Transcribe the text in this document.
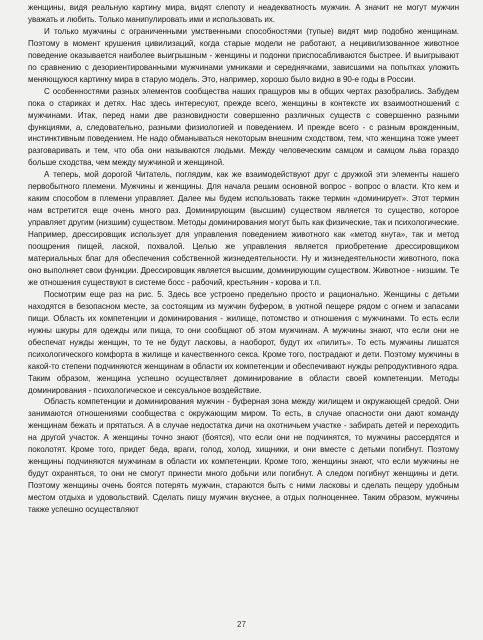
женщины, видя реальную картину мира, видят слепоту и неадекватность мужчин. А значит не могут мужчин уважать и любить. Только манипулировать ими и использовать их.

И только мужчины с ограниченными умственными способностями (тупые) видят мир подобно женщинам. Поэтому в момент крушения цивилизаций, когда старые модели не работают, а нецивилизованное животное поведение оказывается наиболее выигрышным - женщины и подонки приспосабливаются быстрее. И выигрывают по сравнению с дезориентированными мужчинами умниками и середнячками, зависшими на попытках уложить меняющуюся картинку мира в старую модель. Это, например, хорошо было видно в 90-е годы в России.

С особенностями разных элементов сообщества наших пращуров мы в общих чертах разобрались. Забудем пока о стариках и детях. Нас здесь интересуют, прежде всего, женщины в контексте их взаимоотношений с мужчинами. Итак, перед нами две разновидности совершенно различных существ с совершенно разными функциями, а, следовательно, разными физиологией и поведением. И прежде всего - с разным врожденным, инстинктивным поведением. Не надо обманываться некоторым внешним сходством, тем, что женщина тоже умеет разговаривать и тем, что оба они называются людьми. Между человеческим самцом и самцом льва гораздо больше сходства, чем между мужчиной и женщиной.

А теперь, мой дорогой Читатель, поглядим, как же взаимодействуют друг с дружкой эти элементы нашего первобытного племени. Мужчины и женщины. Для начала решим основной вопрос - вопрос о власти. Кто кем и каким способом в племени управляет. Далее мы будем использовать также термин «доминирует». Этот термин нам встретится еще очень много раз. Доминирующим (высшим) существом является то существо, которое управляет другим (низшим) существом. Методы доминирования могут быть как физические, так и психологические. Например, дрессировщик использует для управления поведением животного как «метод кнута», так и метод поощрения пищей, лаской, похвалой. Целью же управления является приобретение дрессировщиком материальных благ для обеспечения собственной жизнедеятельности. Ну и жизнедеятельности животного, пока оно выполняет свои функции. Дрессировщик является высшим, доминирующим существом. Животное - низшим. Те же отношения существуют в системе босс - рабочий, крестьянин - корова и т.п.

Посмотрим еще раз на рис. 5. Здесь все устроено предельно просто и рационально. Женщины с детьми находятся в безопасном месте, за состоящим из мужчин буфером, в уютной пещере рядом с огнем и запасами пищи. Область их компетенции и доминирования - жилище, потомство и отношения с мужчинами. То есть если нужны шкуры для одежды или пища, то они сообщают об этом мужчинам. А мужчины знают, что если они не обеспечат нужды женщин, то те не будут ласковы, а наоборот, будут их «пилить». То есть мужчины лишатся психологического комфорта в жилище и качественного секса. Кроме того, пострадают и дети. Поэтому мужчины в какой-то степени подчиняются женщинам в области их компетенции и обеспечивают нужды репродуктивного ядра. Таким образом, женщина успешно осуществляет доминирование в области своей компетенции. Методы доминирования - психологическое и сексуальное воздействие.

Область компетенции и доминирования мужчин - буферная зона между жилищем и окружающей средой. Они занимаются отношениями сообщества с окружающим миром. То есть, в случае опасности они дают команду женщинам бежать и прятаться. А в случае недостатка дичи на охотничьем участке - забирать детей и переходить на другой участок. А женщины точно знают (боятся), что если они не подчинятся, то мужчины рассердятся и поколотят. Кроме того, придет беда, враги, голод, холод, хищники, и они вместе с детьми погибнут. Поэтому женщины подчиняются мужчинам в области их компетенции. Кроме того, женщины знают, что если мужчины не будут охраняться, то они не смогут принести много добычи или погибнут. А следом погибнут женщины и дети. Поэтому женщины очень боятся потерять мужчин, стараются быть с ними ласковы и сделать пещеру удобным местом отдыха и удовольствий. Сделать пищу мужчин вкуснее, а отдых полноценнее. Таким образом, мужчины также успешно осуществляют

27
